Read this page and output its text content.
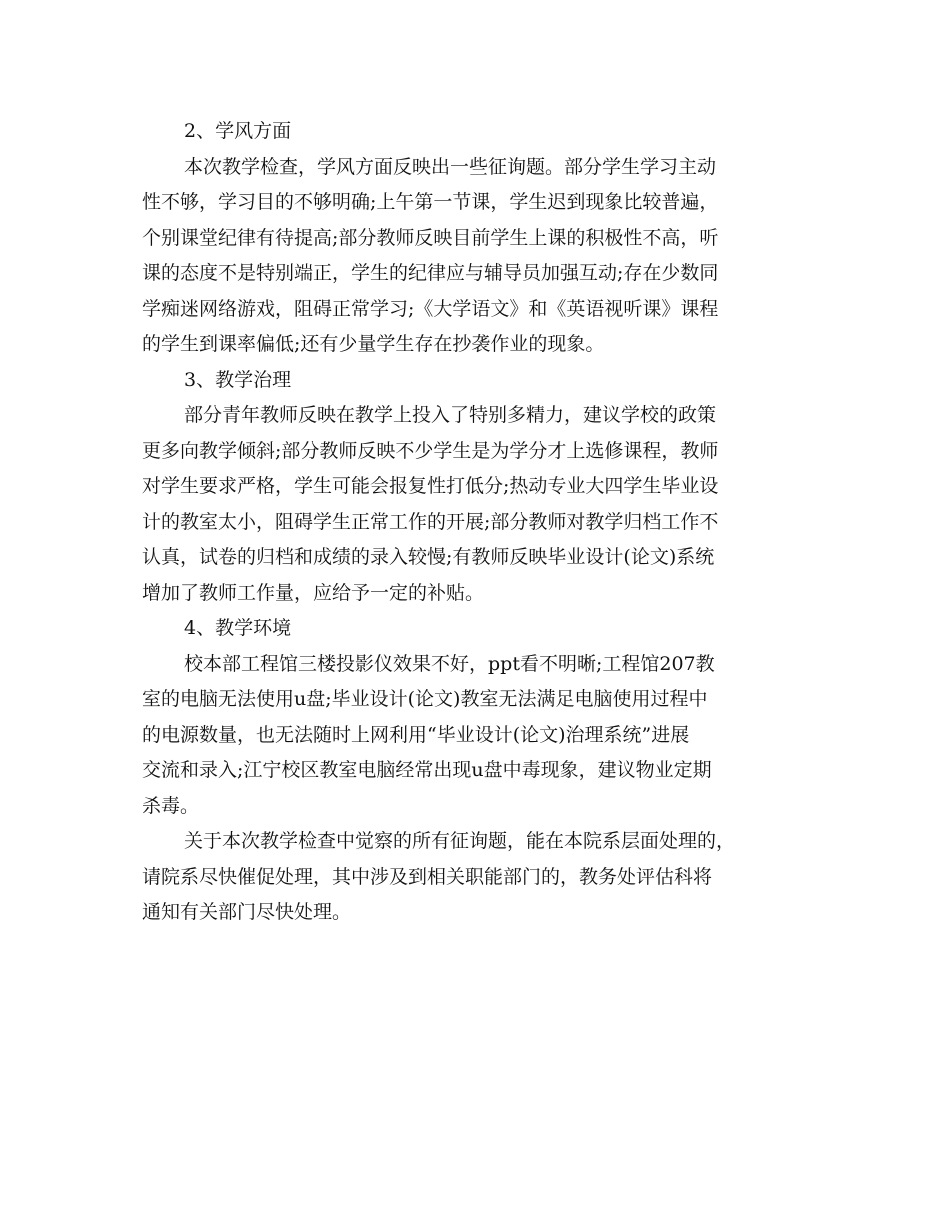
2、学风方面

本次教学检查，学风方面反映出一些征询题。部分学生学习主动
性不够，学习目的不够明确;上午第一节课，学生迟到现象比较普遍，
个别课堂纪律有待提高;部分教师反映目前学生上课的积极性不高，听
课的态度不是特别端正，学生的纪律应与辅导员加强互动;存在少数同
学痴迷网络游戏，阻碍正常学习;《大学语文》和《英语视听课》课程
的学生到课率偏低;还有少量学生存在抄袭作业的现象。

3、教学治理

部分青年教师反映在教学上投入了特别多精力，建议学校的政策
更多向教学倾斜;部分教师反映不少学生是为学分才上选修课程，教师
对学生要求严格，学生可能会报复性打低分;热动专业大四学生毕业设
计的教室太小，阻碍学生正常工作的开展;部分教师对教学归档工作不
认真，试卷的归档和成绩的录入较慢;有教师反映毕业设计(论文)系统
增加了教师工作量，应给予一定的补贴。

4、教学环境

校本部工程馆三楼投影仪效果不好，ppt看不明晰;工程馆207教
室的电脑无法使用u盘;毕业设计(论文)教室无法满足电脑使用过程中
的电源数量，也无法随时上网利用“毕业设计(论文)治理系统”进展
交流和录入;江宁校区教室电脑经常出现u盘中毒现象，建议物业定期
杀毒。
关于本次教学检查中觉察的所有征询题，能在本院系层面处理的，
请院系尽快催促处理，其中涉及到相关职能部门的，教务处评估科将
通知有关部门尽快处理。
